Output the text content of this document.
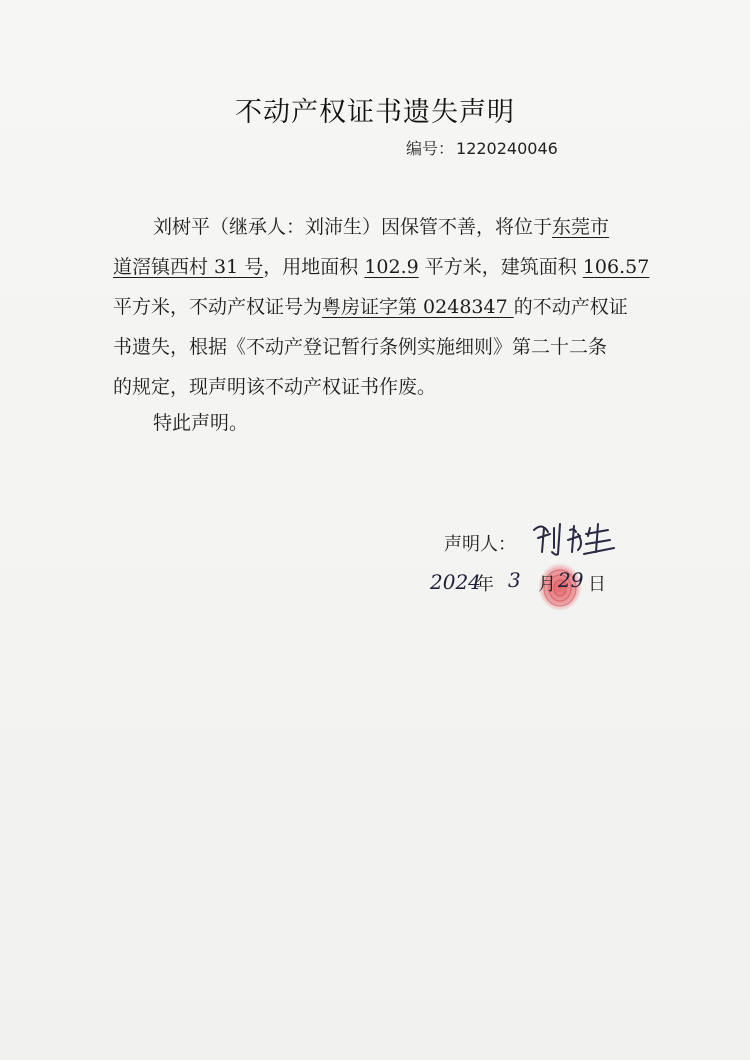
不动产权证书遗失声明
编号： 1220240046
刘树平（继承人：刘沛生）因保管不善，将位于东莞市
道滘镇西村 31 号，用地面积 102.9 平方米，建筑面积 106.57
平方米，不动产权证号为粤房证字第 0248347 的不动产权证
书遗失，根据《不动产登记暂行条例实施细则》第二十二条
的规定，现声明该不动产权证书作废。
特此声明。
声明人：
2024
年 3 月 29 日
